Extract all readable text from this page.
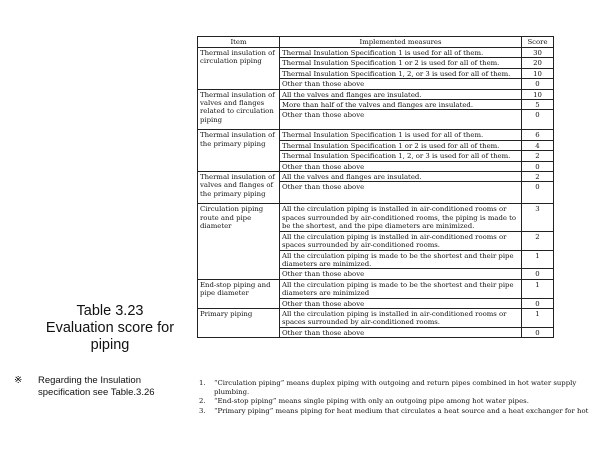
Table 3.23
Evaluation score for
piping
※ Regarding the Insulation specification see Table.3.26
Item	Implemented measures	Score
Thermal insulation of circulation piping	Thermal Insulation Specification 1 is used for all of them.	30
	Thermal Insulation Specification 1 or 2 is used for all of them.	20
	Thermal Insulation Specification 1, 2, or 3 is used for all of them.	10
	Other than those above	0
Thermal insulation of valves and flanges related to circulation piping	All the valves and flanges are insulated.	10
	More than half of the valves and flanges are insulated.	5
	Other than those above	0
Thermal insulation of the primary piping	Thermal Insulation Specification 1 is used for all of them.	6
	Thermal Insulation Specification 1 or 2 is used for all of them.	4
	Thermal Insulation Specification 1, 2, or 3 is used for all of them.	2
	Other than those above	0
Thermal insulation of valves and flanges of the primary piping	All the valves and flanges are insulated.	2
	Other than those above	0
Circulation piping route and pipe diameter	All the circulation piping is installed in air-conditioned rooms or spaces surrounded by air-conditioned rooms, the piping is made to be the shortest, and the pipe diameters are minimized.	3
	All the circulation piping is installed in air-conditioned rooms or spaces surrounded by air-conditioned rooms.	2
	All the circulation piping is made to be the shortest and their pipe diameters are minimized.	1
	Other than those above	0
End-stop piping and pipe diameter	All the circulation piping is made to be the shortest and their pipe diameters are minimized	1
	Other than those above	0
Primary piping	All the circulation piping is installed in air-conditioned rooms or spaces surrounded by air-conditioned rooms.	1
	Other than those above	0
1. “Circulation piping” means duplex piping with outgoing and return pipes combined in hot water supply plumbing.
2. “End-stop piping” means single piping with only an outgoing pipe among hot water pipes.
3. “Primary piping” means piping for heat medium that circulates a heat source and a heat exchanger for hot
